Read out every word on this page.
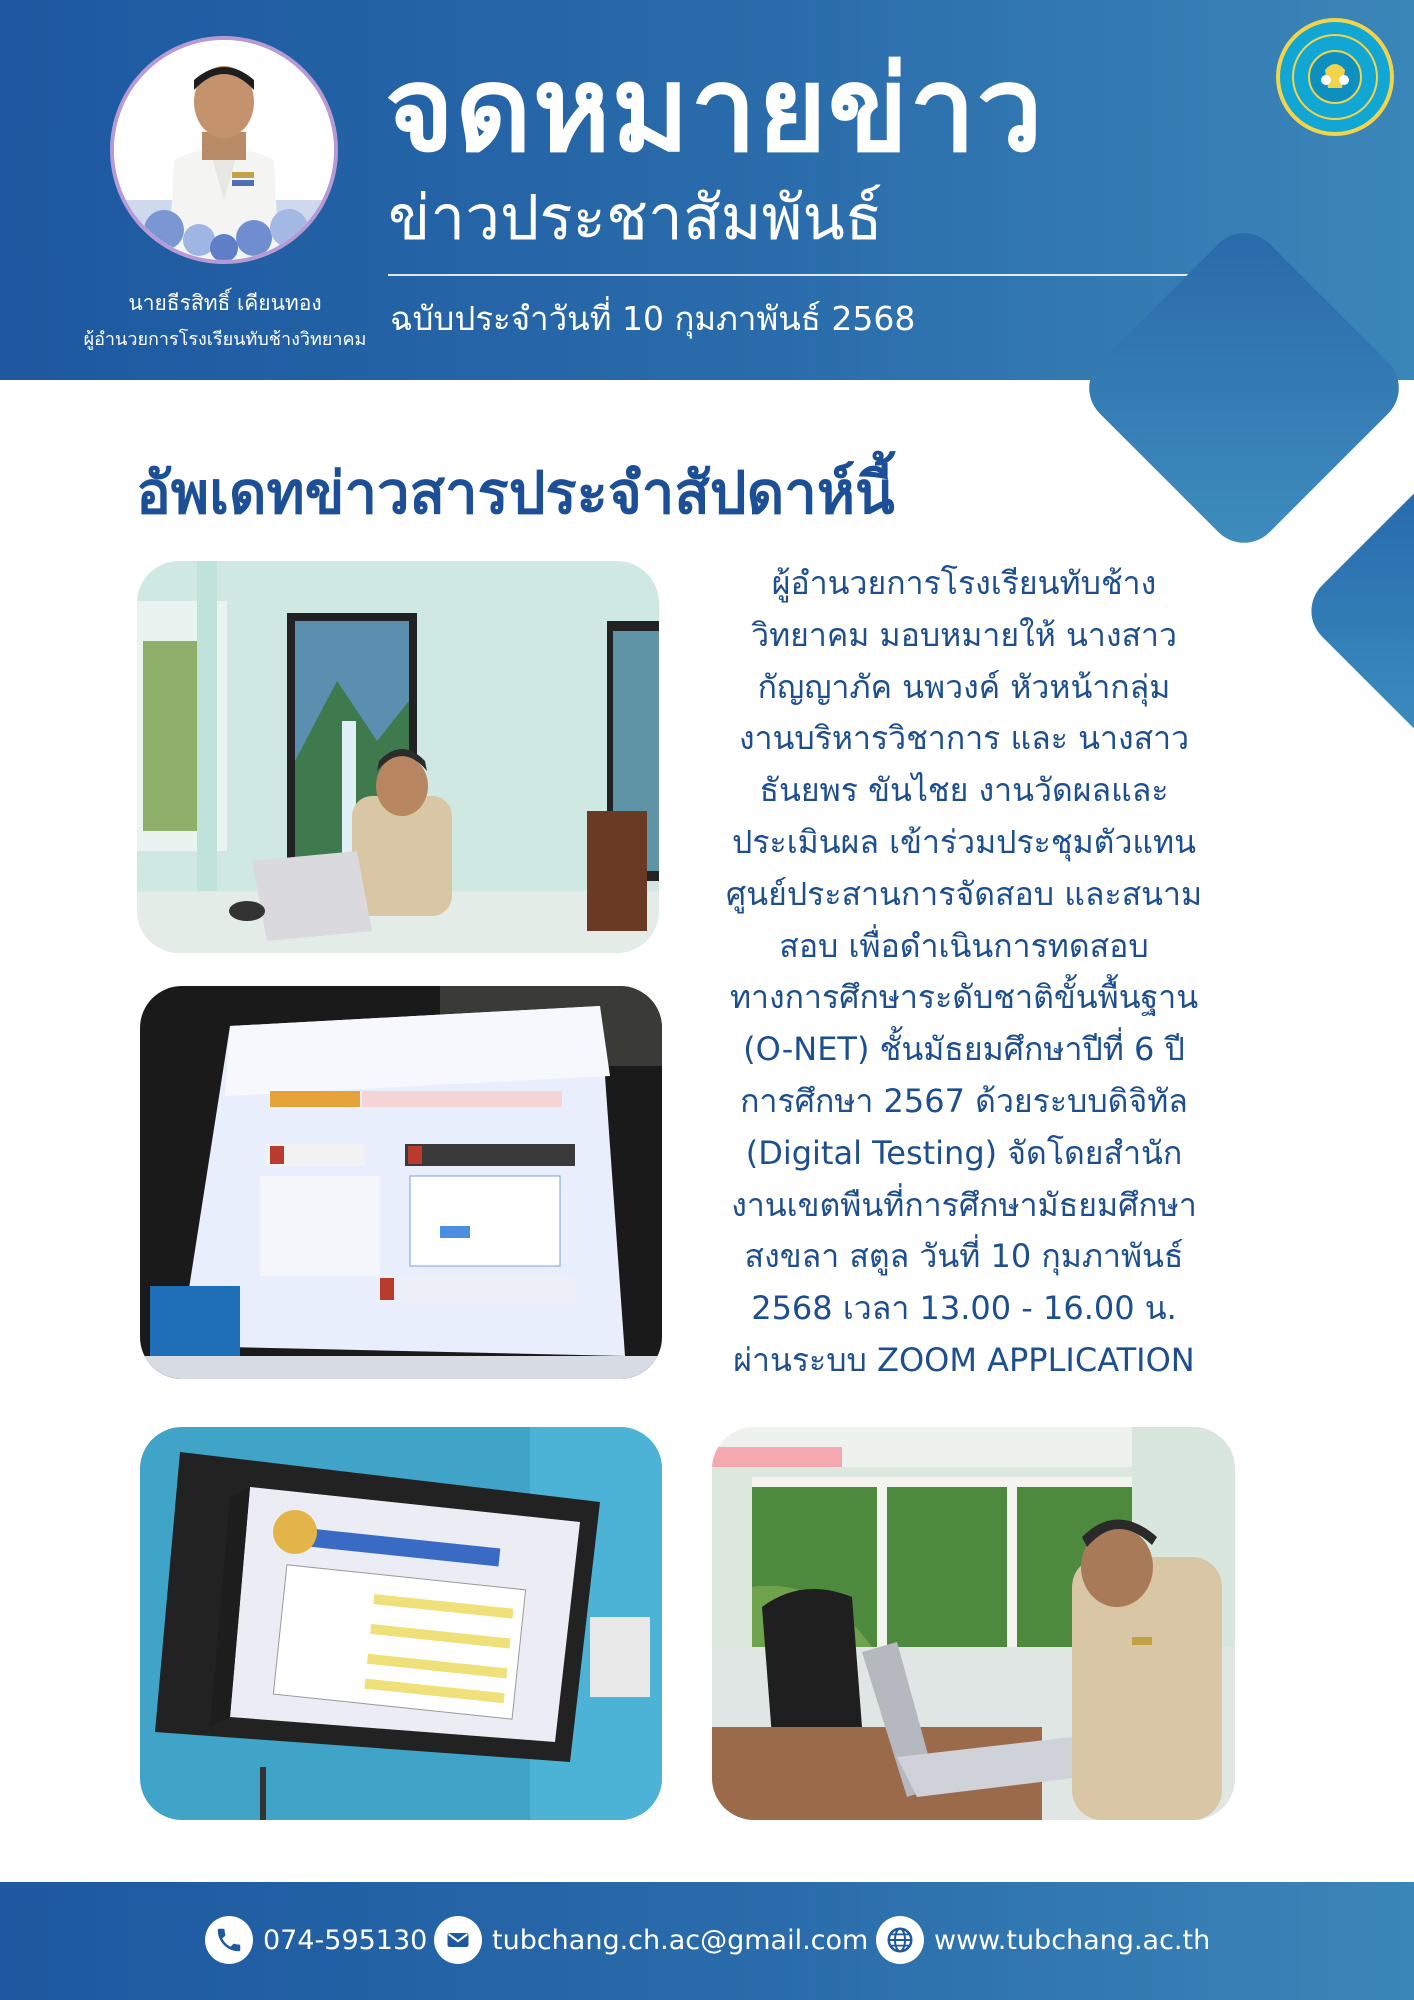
นายธีรสิทธิ์ เคียนทอง
ผู้อำนวยการโรงเรียนทับช้างวิทยาคม
จดหมายข่าว
ข่าวประชาสัมพันธ์
ฉบับประจำวันที่ 10 กุมภาพันธ์ 2568
อัพเดทข่าวสารประจำสัปดาห์นี้
ผู้อำนวยการโรงเรียนทับช้าง
วิทยาคม มอบหมายให้ นางสาว
กัญญาภัค นพวงค์ หัวหน้ากลุ่ม
งานบริหารวิชาการ และ นางสาว
ธันยพร ขันไชย งานวัดผลและ
ประเมินผล เข้าร่วมประชุมตัวแทน
ศูนย์ประสานการจัดสอบ และสนาม
สอบ เพื่อดำเนินการทดสอบ
ทางการศึกษาระดับชาติขั้นพื้นฐาน
(O-NET) ชั้นมัธยมศึกษาปีที่ 6 ปี
การศึกษา 2567 ด้วยระบบดิจิทัล
(Digital Testing) จัดโดยสำนัก
งานเขตพืนที่การศึกษามัธยมศึกษา
สงขลา สตูล วันที่ 10 กุมภาพันธ์
2568 เวลา 13.00 - 16.00 น.
ผ่านระบบ ZOOM APPLICATION
074-595130 tubchang.ch.ac@gmail.com www.tubchang.ac.th
